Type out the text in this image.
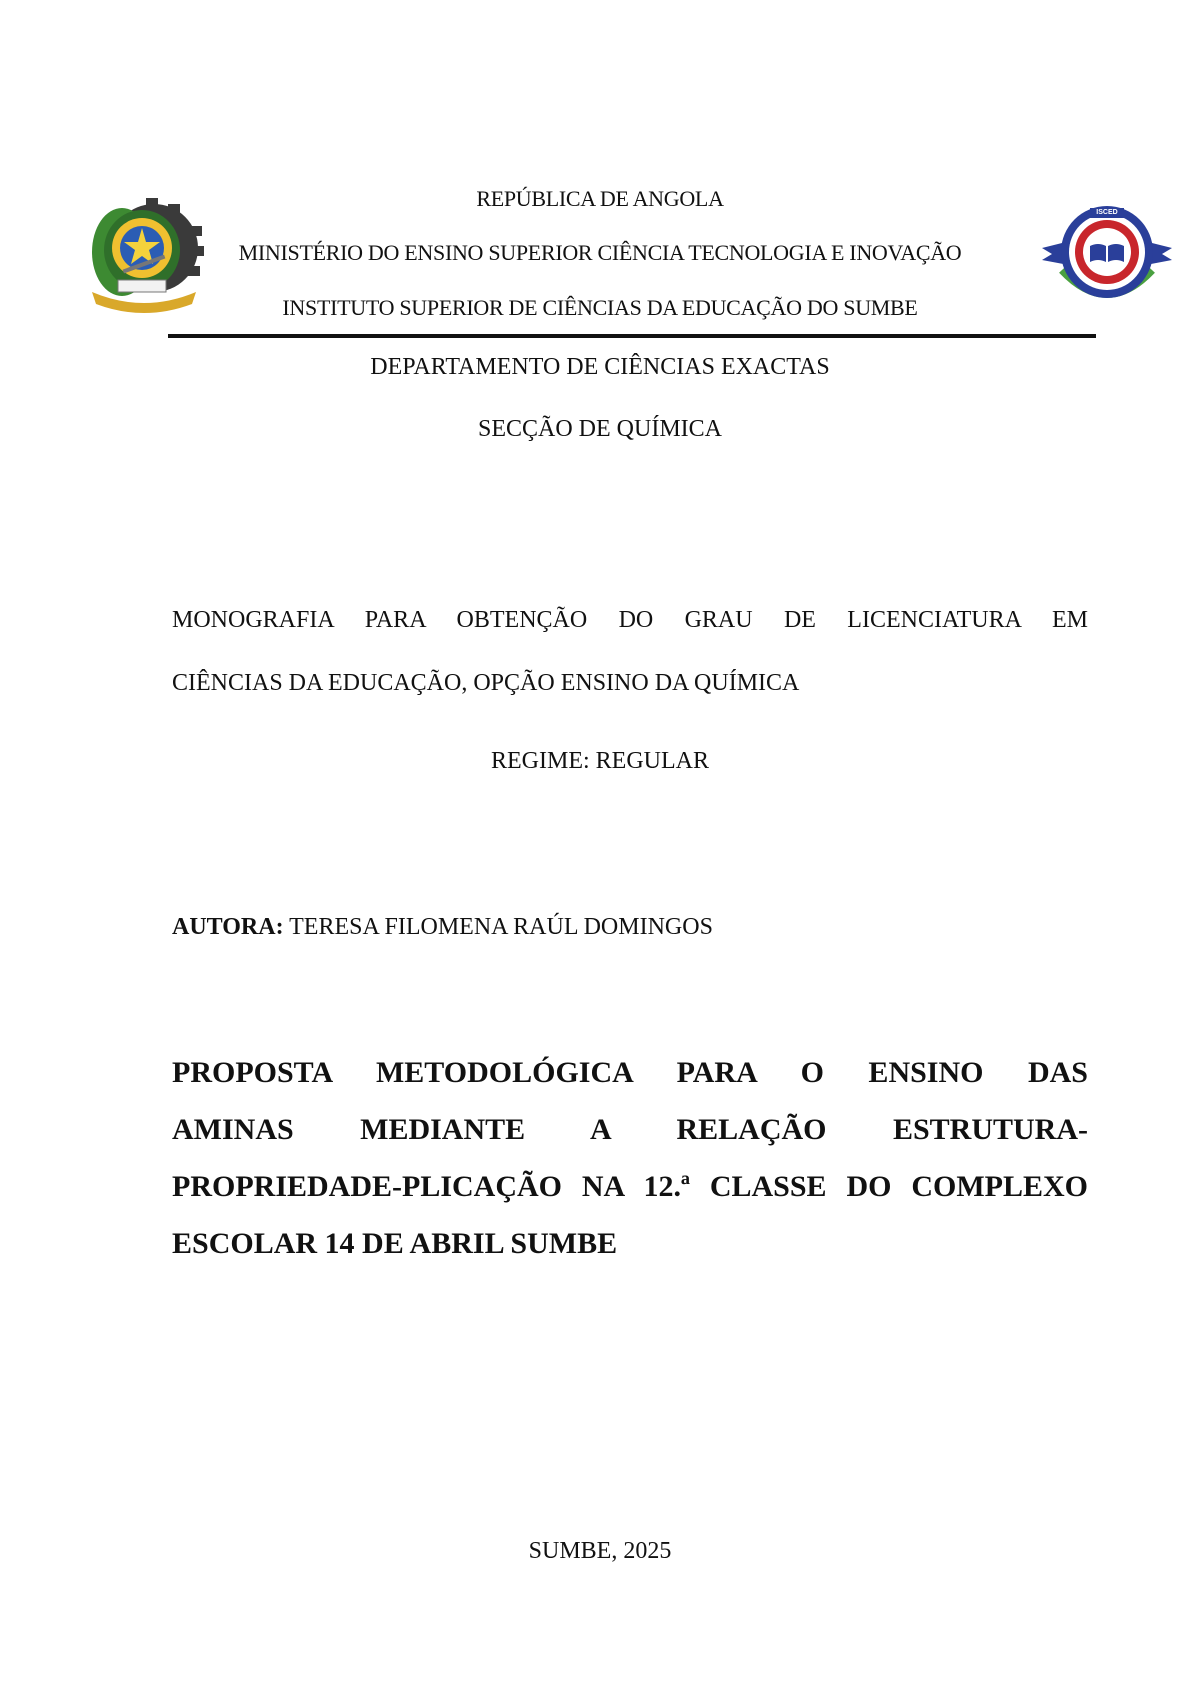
ISCED
REPÚBLICA DE ANGOLA
MINISTÉRIO DO ENSINO SUPERIOR CIÊNCIA TECNOLOGIA E INOVAÇÃO
INSTITUTO SUPERIOR DE CIÊNCIAS DA EDUCAÇÃO DO SUMBE
DEPARTAMENTO DE CIÊNCIAS EXACTAS
SECÇÃO DE QUÍMICA
MONOGRAFIA PARA OBTENÇÃO DO GRAU DE LICENCIATURA EM
CIÊNCIAS DA EDUCAÇÃO, OPÇÃO ENSINO DA QUÍMICA
REGIME: REGULAR
AUTORA: TERESA FILOMENA RAÚL DOMINGOS
PROPOSTA METODOLÓGICA PARA O ENSINO DAS
AMINAS MEDIANTE A RELAÇÃO ESTRUTURA-
PROPRIEDADE-PLICAÇÃO NA 12.ª CLASSE DO COMPLEXO
ESCOLAR 14 DE ABRIL SUMBE
SUMBE, 2025
